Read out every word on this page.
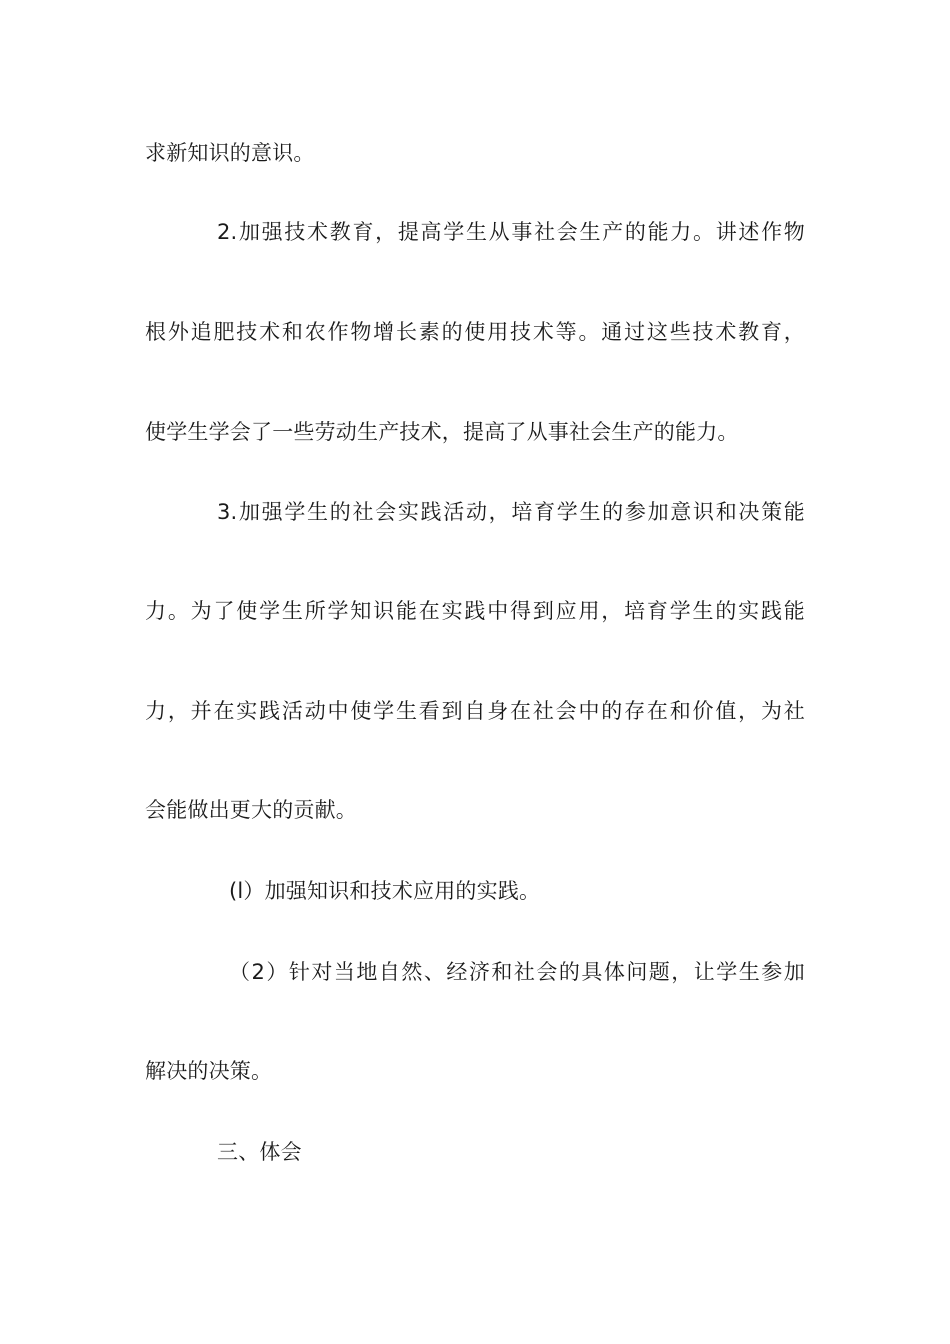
求新知识的意识。
2.加强技术教育，提高学生从事社会生产的能力。讲述作物
根外追肥技术和农作物增长素的使用技术等。通过这些技术教育，
使学生学会了一些劳动生产技术，提高了从事社会生产的能力。
3.加强学生的社会实践活动，培育学生的参加意识和决策能
力。为了使学生所学知识能在实践中得到应用，培育学生的实践能
力，并在实践活动中使学生看到自身在社会中的存在和价值，为社
会能做出更大的贡献。
(l）加强知识和技术应用的实践。
（2）针对当地自然、经济和社会的具体问题，让学生参加
解决的决策。
三、体会
